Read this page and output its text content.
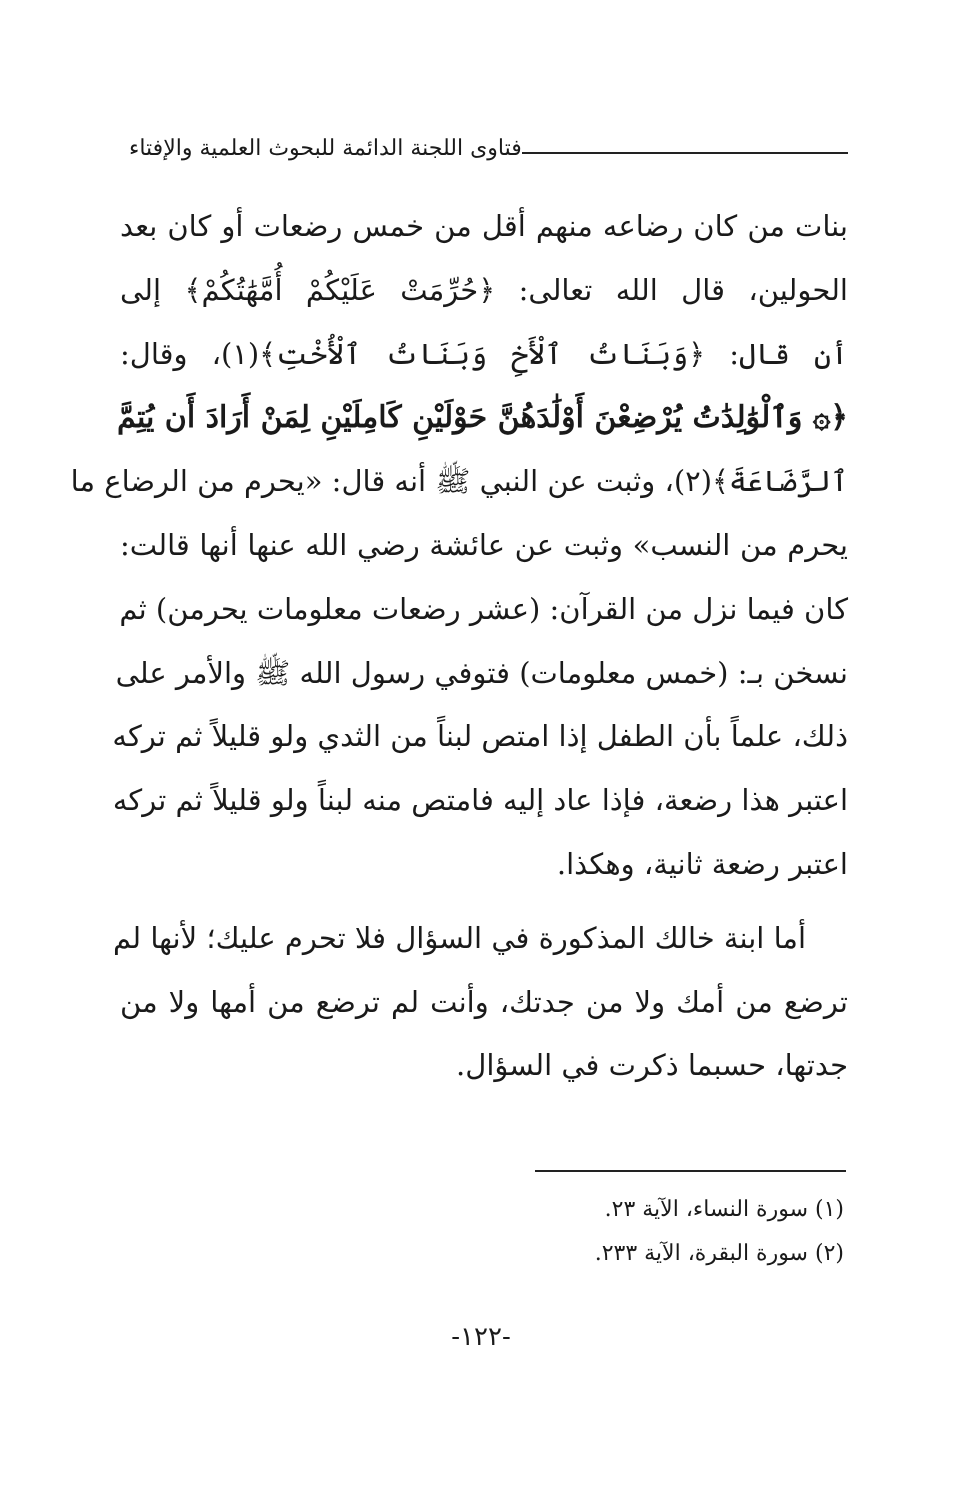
فتاوى اللجنة الدائمة للبحوث العلمية والإفتاء
بنات من كان رضاعه منهم أقل من خمس رضعات أو كان بعد
الحولين، قال الله تعالى: ﴿حُرِّمَتْ عَلَيْكُمْ أُمَّهَٰتُكُمْ﴾ إلى
أن قال: ﴿وَبَنَاتُ ٱلْأَخِ وَبَنَاتُ ٱلْأُخْتِ﴾(١)، وقال:
﴿۞ وَٱلْوَٰلِدَٰتُ يُرْضِعْنَ أَوْلَٰدَهُنَّ حَوْلَيْنِ كَامِلَيْنِ لِمَنْ أَرَادَ أَن يُتِمَّ
ٱلرَّضَاعَةَ﴾(٢)، وثبت عن النبي ﷺ أنه قال: «يحرم من الرضاع ما
يحرم من النسب» وثبت عن عائشة رضي الله عنها أنها قالت:
كان فيما نزل من القرآن: (عشر رضعات معلومات يحرمن) ثم
نسخن بـ: (خمس معلومات) فتوفي رسول الله ﷺ والأمر على
ذلك، علماً بأن الطفل إذا امتص لبناً من الثدي ولو قليلاً ثم تركه
اعتبر هذا رضعة، فإذا عاد إليه فامتص منه لبناً ولو قليلاً ثم تركه
اعتبر رضعة ثانية، وهكذا.
أما ابنة خالك المذكورة في السؤال فلا تحرم عليك؛ لأنها لم
ترضع من أمك ولا من جدتك، وأنت لم ترضع من أمها ولا من
جدتها، حسبما ذكرت في السؤال.
(١) سورة النساء، الآية ٢٣.
(٢) سورة البقرة، الآية ٢٣٣.
-١٢٢-
